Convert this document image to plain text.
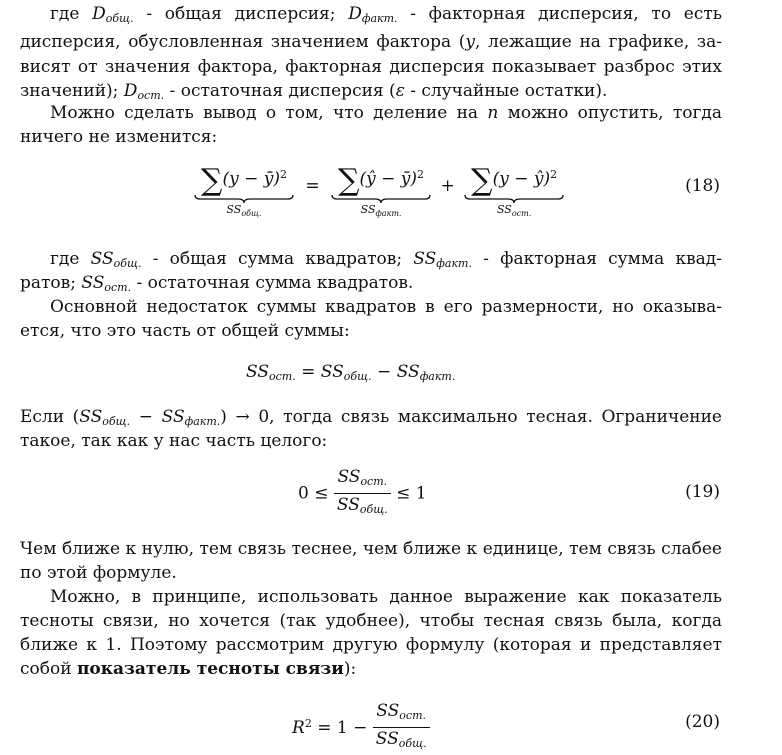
где $D_{общ.}$ - общая дисперсия; $D_{факт.}$ - факторная дисперсия, то есть
дисперсия, обусловленная значением фактора (y, лежащие на графике, за-
висят от значения фактора, факторная дисперсия показывает разброс этих
значений); $D_{ост.}$ - остаточная дисперсия (ε - случайные остатки).
Можно сделать вывод о том, что деление на n можно опустить, тогда
ничего не изменится:
∑(y − ȳ)$^2$
$SS_{общ.}$
= ∑(ŷ − ȳ)$^2$
$SS_{факт.}$
+ ∑(y − ŷ)$^2$
$SS_{ост.}$
(18)
где $SS_{общ.}$ - общая сумма квадратов; $SS_{факт.}$ - факторная сумма квад-
ратов; $SS_{ост.}$ - остаточная сумма квадратов.
Основной недостаток суммы квадратов в его размерности, но оказыва-
ется, что это часть от общей суммы:
$SS_{ост.} = SS_{общ.} - SS_{факт.}$
Если $(SS_{общ.} - SS_{факт.}) \to 0$, тогда связь максимально тесная. Ограничение
такое, так как у нас часть целого:
$0 \le \frac{SS_{ост.}}{SS_{общ.}} \le 1$	(19)
Чем ближе к нулю, тем связь теснее, чем ближе к единице, тем связь слабее
по этой формуле.
Можно, в принципе, использовать данное выражение как показатель
тесноты связи, но хочется (так удобнее), чтобы тесная связь была, когда
ближе к 1. Поэтому рассмотрим другую формулу (которая и представляет
собой показатель тесноты связи):
$R^2 = 1 - \frac{SS_{ост.}}{SS_{общ.}}$	(20)
